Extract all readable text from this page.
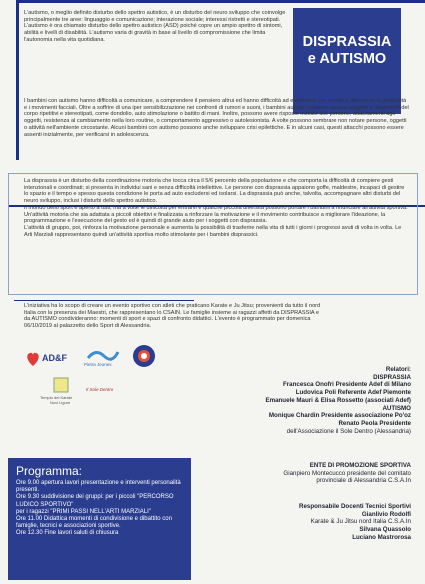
DISPRASSIA
e AUTISMO

L'autismo, o meglio definito disturbo dello spettro autistico, è un disturbo del neuro sviluppo che coinvolge principalmente tre aree: linguaggio e comunicazione; interazione sociale; interessi ristretti e stereotipati.

L'autismo è ora chiamato disturbo dello spettro autistico (ASD) poiché copre un ampio spettro di sintomi, abilità e livelli di disabilità. L'autismo varia di gravità in base al livello di compromissione che limita l'autonomia nella vita quotidiana.

I bambini con autismo hanno difficoltà a comunicare, a comprendere il pensiero altrui ed hanno difficoltà ad esprimersi con parole o attraverso la gestualità e i movimenti facciali. Oltre a soffrire di una iper sensibilizzazione nei confronti di rumori e suoni, i bambini autistici possono essere soggetti a movimenti del corpo ripetitivi e stereotipati, come dondolio, auto stimolazione o battito di mani. Inoltre, possono avere risposte insolite alle persone, attaccamenti agli oggetti, resistenza al cambiamento nella loro routine, o comportamento aggressivo o autolesionista. A volte possono sembrare non notare persone, oggetti o attività nell'ambiente circostante. Alcuni bambini con autismo possono anche sviluppare crisi epilettiche. E in alcuni casi, questi attacchi possono essere assenti inizialmente, per verificarsi in adolescenza.

La disprassia è un disturbo della coordinazione motoria che tocca circa il 5/6 percento della popolazione e che comporta la difficoltà di compiere gesti intenzionali e coordinati; si presenta in individui sani e senza difficoltà intellettive. Le persone con disprassia appaiono goffe, maldestre, incapaci di gestire lo spazio e il tempo e spesso questa condizione le porta ad auto escludersi ed isolarsi. La disprassia può anche, talvolta, accompagnare altri disturbi del neuro sviluppo, inclusi i disturbi dello spettro autistico.

Il mondo dello sport è aperto a tutti, ma a volte le difficoltà per entrarvi e qualche piccola diversità possono portare i bambini a rinunciare all'attività sportiva. Un'attività motoria che sia adattata a piccoli obiettivi e finalizzata a rinforzare la motivazione e il movimento contribuisce a migliorare l'ideazione, la programmazione e l'esecuzione del gesto ed è quindi di grande aiuto per i soggetti con disprassia.

L'attività di gruppo, poi, rinforza la motivazione personale e aumenta la possibilità di trasferire nella vita di tutti i giorni i progressi avuti di volta in volta. Le Arti Marziali rappresentano quindi un'attività sportiva molto stimolante per i bambini disprassici.

L'iniziativa ha lo scopo di creare un evento sportivo con atleti che praticano Karate e Ju Jitsu; provenienti da tutto il nord Italia con la presenza dei Maestri, che rappresentano lo CSAIN. Le famiglie insieme ai ragazzi affetti da DISPRASSIA e da AUTISMO condivideranno: momenti di sport e spazi di confronto didattici. L'evento è programmato per domenica 06/10/2019 al palazzetto dello Sport di Alessandria.

AD&F
Pietra Jeunes
Il Sole Dentro
Tempio del Karate
Novi Ligure
Relatori:
DISPRASSIA
Francesca Onofri Presidente Adef di Milano
Ludovica Poli Referente Adef Piemonte
Emanuele Mauri & Elisa Rossetto (associati Adef)
AUTISMO
Monique Chardin Presidente associazione Po'oz
Renato Peola Presidente
dell'Associazione il Sole Dentro (Alessandria)
ENTE DI PROMOZIONE SPORTIVA
Gianpiero Montecucco presidente del comitato
provinciale di Alessandria C.S.A.In
Responsabile Docenti Tecnici Sportivi
Gianlivio Rodolfi
Karate & Ju Jitsu nord Italia C.S.A.In
Silvana Quassolo
Luciano Mastrorosa
Programma:
Ore 9.00 apertura lavori presentazione e interventi personalità presenti.
Ore 9.30 suddivisione dei gruppi: per i piccoli "PERCORSO LUDICO SPORTIVO"
per i ragazzi "PRIMI PASSI NELL'ARTI MARZIALI"
Ore 11.00 Didattica momenti di condivisione e dibattito con famiglie, tecnici e associazioni sportive.
Ore 12.30 Fine lavori saluti di chiusura
